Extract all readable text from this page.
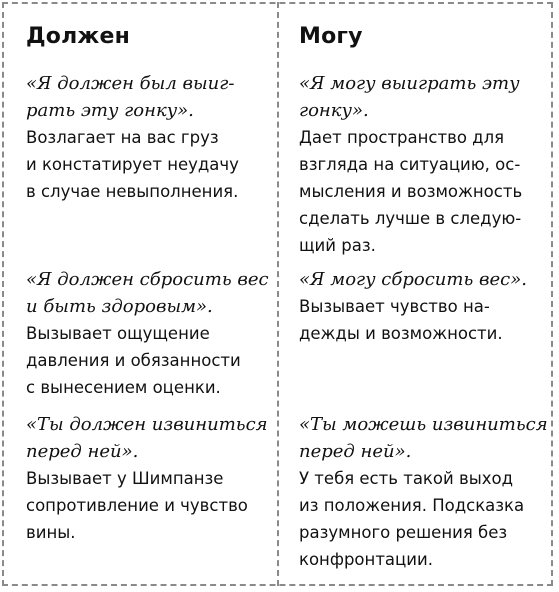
Должен

«Я должен был выиг-
рать эту гонку».

Возлагает на вас груз
и констатирует неудачу
в случае невыполнения.

«Я должен сбросить вес
и быть здоровым».

Вызывает ощущение
давления и обязанности
с вынесением оценки.

«Ты должен извиниться
перед ней».

Вызывает у Шимпанзе
сопротивление и чувство
вины.

Могу

«Я могу выиграть эту
гонку».

Дает пространство для
взгляда на ситуацию, ос-
мысления и возможность
сделать лучше в следую-
щий раз.

«Я могу сбросить вес».

Вызывает чувство на-
дежды и возможности.

«Ты можешь извиниться
перед ней».

У тебя есть такой выход
из положения. Подсказка
разумного решения без
конфронтации.
